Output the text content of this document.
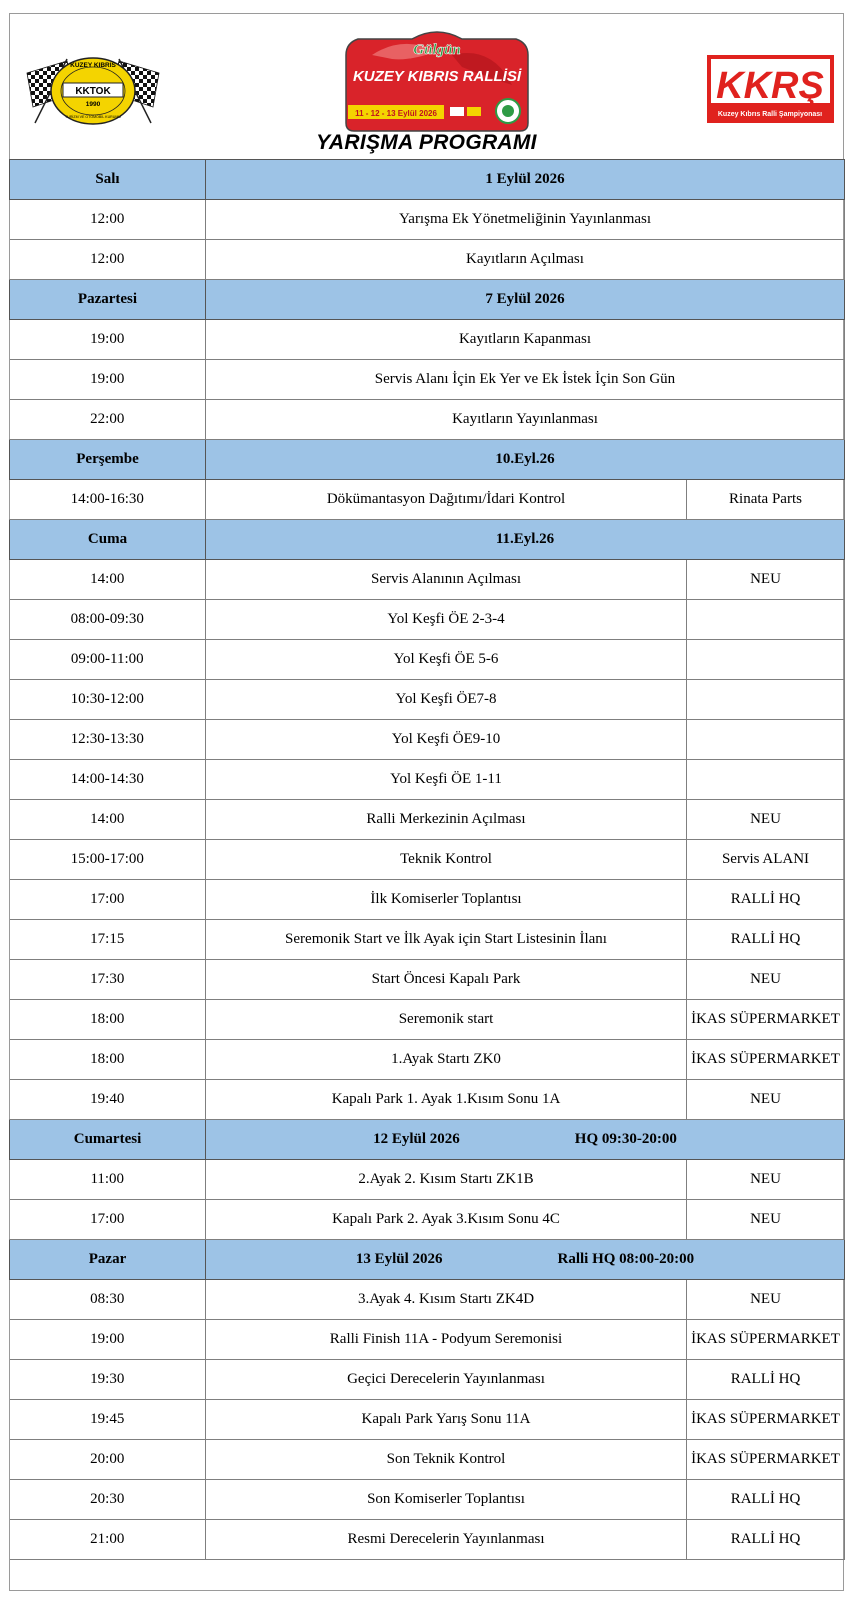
KUZEY KIBRIS
KKTOK
1990
TURİZM VE OTOMOBİL KURUMU
Gülgün
KUZEY KIBRIS RALLİSİ
11 - 12 - 13 Eylül 2026
KKRŞ
Kuzey Kıbrıs Ralli Şampiyonası
YARIŞMA PROGRAMI
Salı	1 Eylül 2026	
12:00	Yarışma Ek Yönetmeliğinin Yayınlanması	
12:00	Kayıtların Açılması	
Pazartesi	7 Eylül 2026	
19:00	Kayıtların Kapanması	
19:00	Servis Alanı İçin Ek Yer ve Ek İstek İçin Son Gün	
22:00	Kayıtların Yayınlanması	
Perşembe	10.Eyl.26	
14:00-16:30	Dökümantasyon Dağıtımı/İdari Kontrol	Rinata Parts
Cuma	11.Eyl.26	
14:00	Servis Alanının Açılması	NEU
08:00-09:30	Yol Keşfi ÖE 2-3-4	
09:00-11:00	Yol Keşfi ÖE 5-6	
10:30-12:00	Yol Keşfi ÖE7-8	
12:30-13:30	Yol Keşfi ÖE9-10	
14:00-14:30	Yol Keşfi ÖE 1-11	
14:00	Ralli Merkezinin Açılması	NEU
15:00-17:00	Teknik Kontrol	Servis ALANI
17:00	İlk Komiserler Toplantısı	RALLİ HQ
17:15	Seremonik Start ve İlk Ayak için Start Listesinin İlanı	RALLİ HQ
17:30	Start Öncesi Kapalı Park	NEU
18:00	Seremonik start	İKAS SÜPERMARKET
18:00	1.Ayak Startı ZK0	İKAS SÜPERMARKET
19:40	Kapalı Park 1. Ayak 1.Kısım Sonu 1A	NEU
Cumartesi	12 Eylül 2026 HQ 09:30-20:00	

11:00	2.Ayak 2. Kısım Startı ZK1B	NEU
17:00	Kapalı Park 2. Ayak 3.Kısım Sonu 4C	NEU
Pazar	13 Eylül 2026 Ralli HQ 08:00-20:00	

08:30	3.Ayak 4. Kısım Startı ZK4D	NEU
19:00	Ralli Finish 11A - Podyum Seremonisi	İKAS SÜPERMARKET
19:30	Geçici Derecelerin Yayınlanması	RALLİ HQ
19:45	Kapalı Park Yarış Sonu 11A	İKAS SÜPERMARKET
20:00	Son Teknik Kontrol	İKAS SÜPERMARKET
20:30	Son Komiserler Toplantısı	RALLİ HQ
21:00	Resmi Derecelerin Yayınlanması	RALLİ HQ
